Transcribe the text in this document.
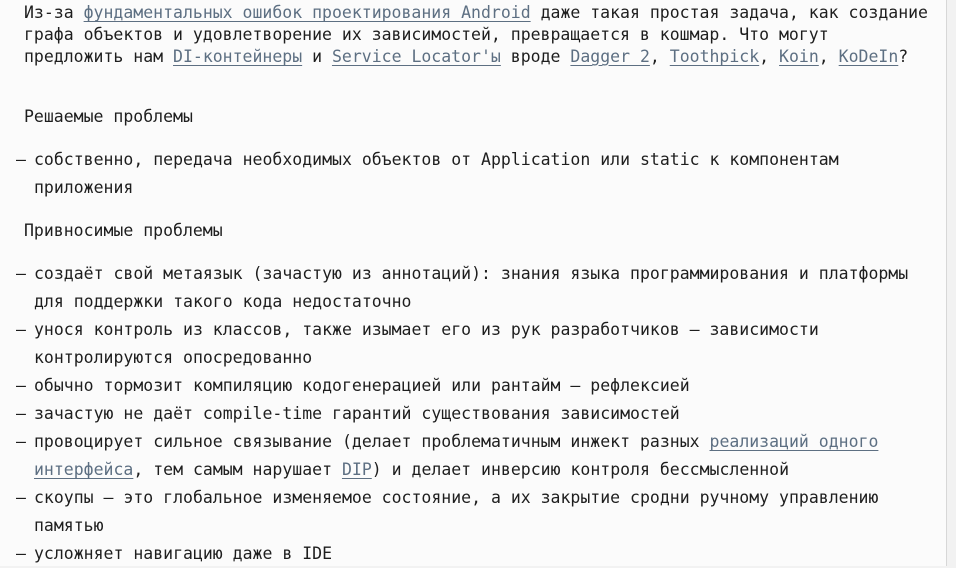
Из-за фундаментальных ошибок проектирования Android даже такая простая задача, как создание графа объектов и удовлетворение их зависимостей, превращается в кошмар. Что могут предложить нам DI-контейнеры и Service Locator'ы вроде Dagger 2, Toothpick, Koin, KoDeIn?

Решаемые проблемы

– собственно, передача необходимых объектов от Application или static к компонентам приложения

Привносимые проблемы

– создаёт свой метаязык (зачастую из аннотаций): знания языка программирования и платформы для поддержки такого кода недостаточно
– унося контроль из классов, также изымает его из рук разработчиков — зависимости контролируются опосредованно
– обычно тормозит компиляцию кодогенерацией или рантайм — рефлексией
– зачастую не даёт compile-time гарантий существования зависимостей
– провоцирует сильное связывание (делает проблематичным инжект разных реализаций одного интерфейса, тем самым нарушает DIP) и делает инверсию контроля бессмысленной
– скоупы — это глобальное изменяемое состояние, а их закрытие сродни ручному управлению памятью
– усложняет навигацию даже в IDE
